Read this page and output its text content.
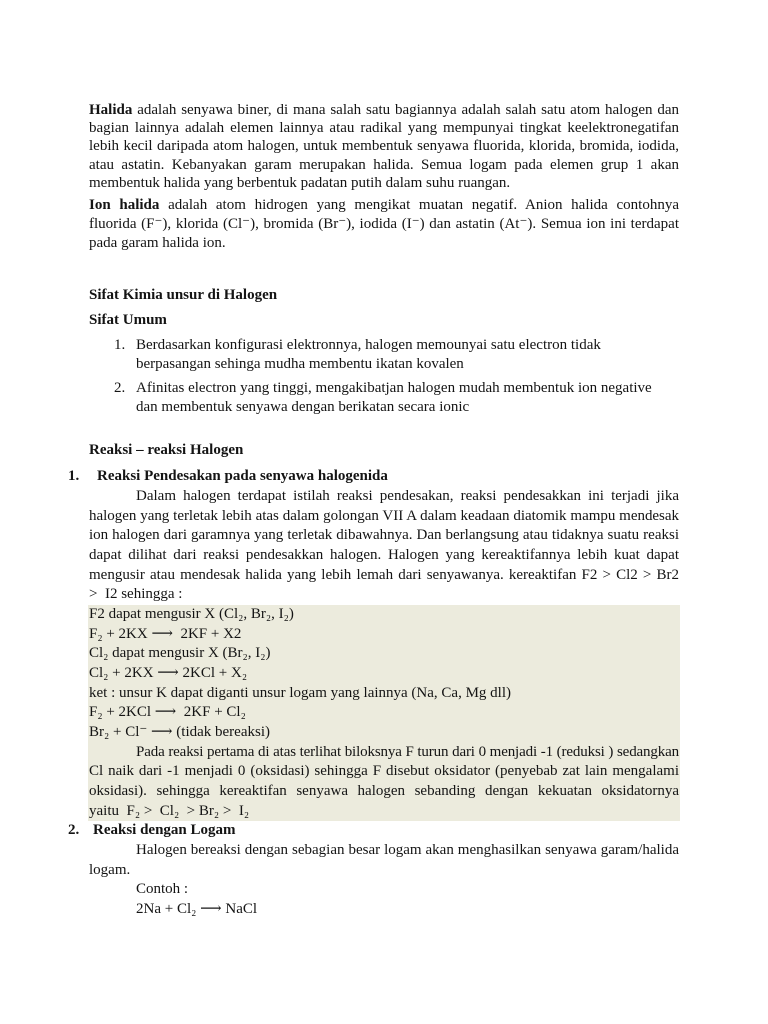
Halida adalah senyawa biner, di mana salah satu bagiannya adalah salah satu atom halogen dan
bagian lainnya adalah elemen lainnya atau radikal yang mempunyai tingkat keelektronegatifan
lebih kecil daripada atom halogen, untuk membentuk senyawa fluorida, klorida, bromida, iodida,
atau astatin. Kebanyakan garam merupakan halida. Semua logam pada elemen grup 1 akan
membentuk halida yang berbentuk padatan putih dalam suhu ruangan.
Ion halida adalah atom hidrogen yang mengikat muatan negatif. Anion halida contohnya
fluorida (F⁻), klorida (Cl⁻), bromida (Br⁻), iodida (I⁻) dan astatin (At⁻). Semua ion ini terdapat
pada garam halida ion.
Sifat Kimia unsur di Halogen
Sifat Umum
1. Berdasarkan konfigurasi elektronnya, halogen memounyai satu electron tidak
berpasangan sehinga mudha membentu ikatan kovalen
2. Afinitas electron yang tinggi, mengakibatjan halogen mudah membentuk ion negative
dan membentuk senyawa dengan berikatan secara ionic
Reaksi – reaksi Halogen
1. Reaksi Pendesakan pada senyawa halogenida
Dalam halogen terdapat istilah reaksi pendesakan, reaksi pendesakkan ini terjadi jika
halogen yang terletak lebih atas dalam golongan VII A dalam keadaan diatomik mampu mendesak
ion halogen dari garamnya yang terletak dibawahnya. Dan berlangsung atau tidaknya suatu reaksi
dapat dilihat dari reaksi pendesakkan halogen. Halogen yang kereaktifannya lebih kuat dapat
mengusir atau mendesak halida yang lebih lemah dari senyawanya. kereaktifan F2 > Cl2 > Br2
>  I2 sehingga :
F2 dapat mengusir X (Cl₂, Br₂, I₂)
F₂ + 2KX ⟶  2KF + X2
Cl₂ dapat mengusir X (Br₂, I₂)
Cl₂ + 2KX ⟶ 2KCl + X₂
ket : unsur K dapat diganti unsur logam yang lainnya (Na, Ca, Mg dll)
F₂ + 2KCl ⟶  2KF + Cl₂
Br₂ + Cl⁻ ⟶ (tidak bereaksi)
Pada reaksi pertama di atas terlihat biloksnya F turun dari 0 menjadi -1 (reduksi ) sedangkan
Cl naik dari -1 menjadi 0 (oksidasi) sehingga F disebut oksidator (penyebab zat lain mengalami
oksidasi). sehingga kereaktifan senyawa halogen sebanding dengan kekuatan oksidatornya
yaitu  F₂ >  Cl₂  > Br₂ >  I₂
2. Reaksi dengan Logam
Halogen bereaksi dengan sebagian besar logam akan menghasilkan senyawa garam/halida
logam.
Contoh :
2Na + Cl₂ ⟶ NaCl
